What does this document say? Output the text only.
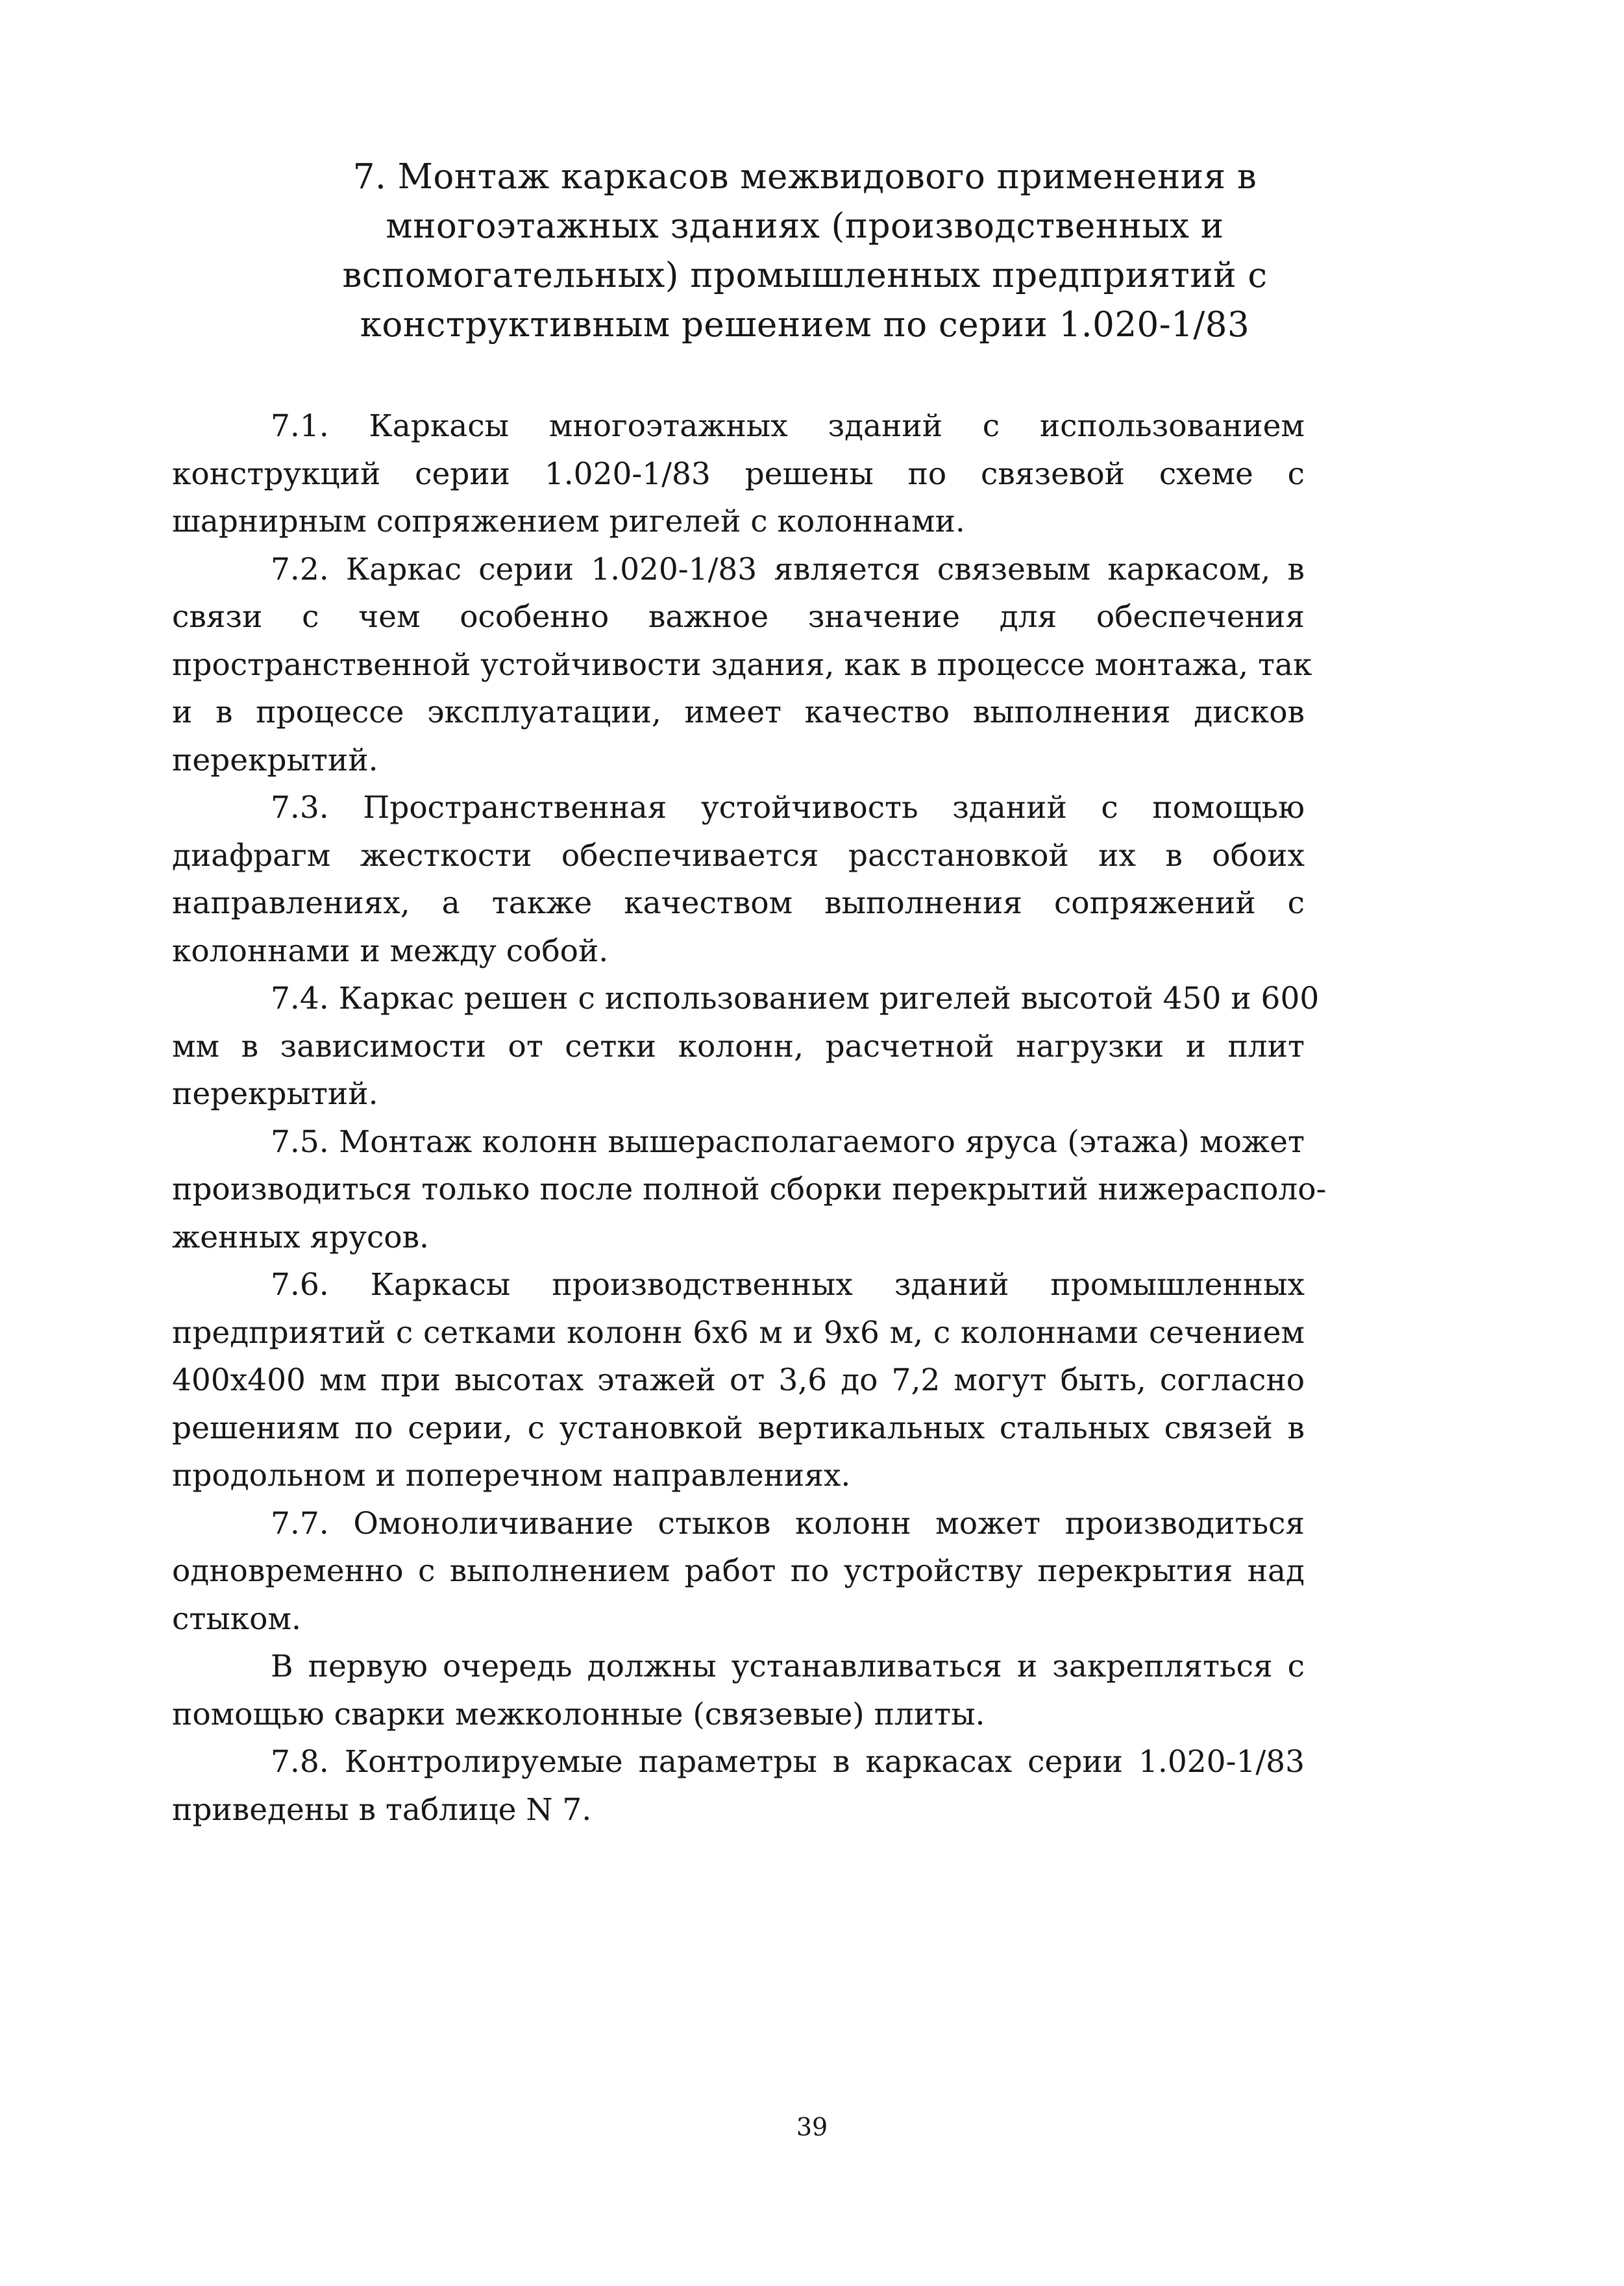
7. Монтаж каркасов межвидового применения в
многоэтажных зданиях (производственных и
вспомогательных) промышленных предприятий с
конструктивным решением по серии 1.020-1/83
7.1. Каркасы многоэтажных зданий с использованием
конструкций серии 1.020-1/83 решены по связевой схеме с
шарнирным сопряжением ригелей с колоннами.
7.2. Каркас серии 1.020-1/83 является связевым каркасом, в
связи с чем особенно важное значение для обеспечения
пространственной устойчивости здания, как в процессе монтажа, так
и в процессе эксплуатации, имеет качество выполнения дисков
перекрытий.
7.3. Пространственная устойчивость зданий с помощью
диафрагм жесткости обеспечивается расстановкой их в обоих
направлениях, а также качеством выполнения сопряжений с
колоннами и между собой.
7.4. Каркас решен с использованием ригелей высотой 450 и 600
мм в зависимости от сетки колонн, расчетной нагрузки и плит
перекрытий.
7.5. Монтаж колонн вышерасполагаемого яруса (этажа) может
производиться только после полной сборки перекрытий нижерасполо-
женных ярусов.
7.6. Каркасы производственных зданий промышленных
предприятий с сетками колонн 6х6 м и 9х6 м, с колоннами сечением
400х400 мм при высотах этажей от 3,6 до 7,2 могут быть, согласно
решениям по серии, с установкой вертикальных стальных связей в
продольном и поперечном направлениях.
7.7. Омоноличивание стыков колонн может производиться
одновременно с выполнением работ по устройству перекрытия над
стыком.
В первую очередь должны устанавливаться и закрепляться с
помощью сварки межколонные (связевые) плиты.
7.8. Контролируемые параметры в каркасах серии 1.020-1/83
приведены в таблице N 7.
39
